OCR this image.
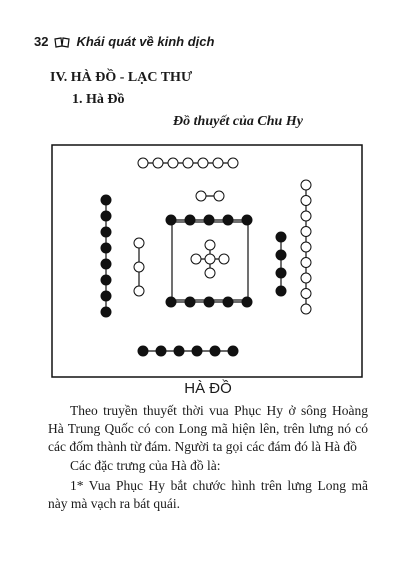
32 Khái quát về kinh dịch
IV. HÀ ĐỒ - LẠC THƯ
1. Hà Đồ
Đồ thuyết của Chu Hy
HÀ ĐỒ

Theo truyền thuyết thời vua Phục Hy ở sông Hoàng Hà Trung Quốc có con Long mã hiện lên, trên lưng nó có các đốm thành từ đám. Người ta gọi các đám đó là Hà đồ

Các đặc trưng của Hà đồ là:

1* Vua Phục Hy bắt chước hình trên lưng Long mã này mà vạch ra bát quái.
